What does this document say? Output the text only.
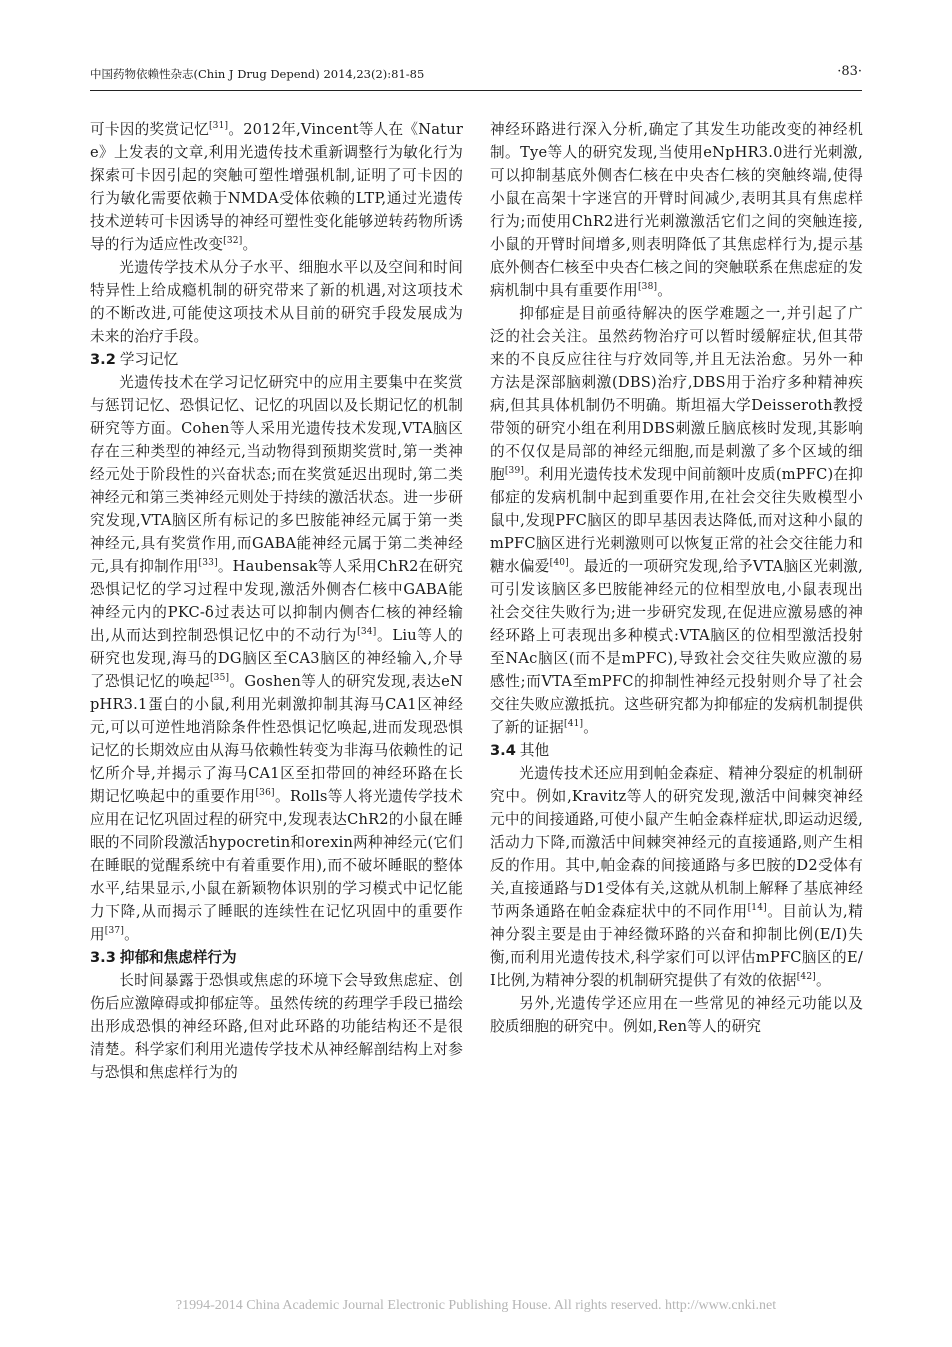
中国药物依赖性杂志(Chin J Drug Depend) 2014,23(2):81-85	·83·

可卡因的奖赏记忆[31]。2012年,Vincent等人在《Nature》上发表的文章,利用光遗传技术重新调整行为敏化行为探索可卡因引起的突触可塑性增强机制,证明了可卡因的行为敏化需要依赖于NMDA受体依赖的LTP,通过光遗传技术逆转可卡因诱导的神经可塑性变化能够逆转药物所诱导的行为适应性改变[32]。

光遗传学技术从分子水平、细胞水平以及空间和时间特异性上给成瘾机制的研究带来了新的机遇,对这项技术的不断改进,可能使这项技术从目前的研究手段发展成为未来的治疗手段。

3.2 学习记忆

光遗传技术在学习记忆研究中的应用主要集中在奖赏与惩罚记忆、恐惧记忆、记忆的巩固以及长期记忆的机制研究等方面。Cohen等人采用光遗传技术发现,VTA脑区存在三种类型的神经元,当动物得到预期奖赏时,第一类神经元处于阶段性的兴奋状态;而在奖赏延迟出现时,第二类神经元和第三类神经元则处于持续的激活状态。进一步研究发现,VTA脑区所有标记的多巴胺能神经元属于第一类神经元,具有奖赏作用,而GABA能神经元属于第二类神经元,具有抑制作用[33]。Haubensak等人采用ChR2在研究恐惧记忆的学习过程中发现,激活外侧杏仁核中GABA能神经元内的PKC-δ过表达可以抑制内侧杏仁核的神经输出,从而达到控制恐惧记忆中的不动行为[34]。Liu等人的研究也发现,海马的DG脑区至CA3脑区的神经输入,介导了恐惧记忆的唤起[35]。Goshen等人的研究发现,表达eNpHR3.1蛋白的小鼠,利用光刺激抑制其海马CA1区神经元,可以可逆性地消除条件性恐惧记忆唤起,进而发现恐惧记忆的长期效应由从海马依赖性转变为非海马依赖性的记忆所介导,并揭示了海马CA1区至扣带回的神经环路在长期记忆唤起中的重要作用[36]。Rolls等人将光遗传学技术应用在记忆巩固过程的研究中,发现表达ChR2的小鼠在睡眠的不同阶段激活hypocretin和orexin两种神经元(它们在睡眠的觉醒系统中有着重要作用),而不破坏睡眠的整体水平,结果显示,小鼠在新颖物体识别的学习模式中记忆能力下降,从而揭示了睡眠的连续性在记忆巩固中的重要作用[37]。

3.3 抑郁和焦虑样行为

长时间暴露于恐惧或焦虑的环境下会导致焦虑症、创伤后应激障碍或抑郁症等。虽然传统的药理学手段已描绘出形成恐惧的神经环路,但对此环路的功能结构还不是很清楚。科学家们利用光遗传学技术从神经解剖结构上对参与恐惧和焦虑样行为的

神经环路进行深入分析,确定了其发生功能改变的神经机制。Tye等人的研究发现,当使用eNpHR3.0进行光刺激,可以抑制基底外侧杏仁核在中央杏仁核的突触终端,使得小鼠在高架十字迷宫的开臂时间减少,表明其具有焦虑样行为;而使用ChR2进行光刺激激活它们之间的突触连接,小鼠的开臂时间增多,则表明降低了其焦虑样行为,提示基底外侧杏仁核至中央杏仁核之间的突触联系在焦虑症的发病机制中具有重要作用[38]。

抑郁症是目前亟待解决的医学难题之一,并引起了广泛的社会关注。虽然药物治疗可以暂时缓解症状,但其带来的不良反应往往与疗效同等,并且无法治愈。另外一种方法是深部脑刺激(DBS)治疗,DBS用于治疗多种精神疾病,但其具体机制仍不明确。斯坦福大学Deisseroth教授带领的研究小组在利用DBS刺激丘脑底核时发现,其影响的不仅仅是局部的神经元细胞,而是刺激了多个区域的细胞[39]。利用光遗传技术发现中间前额叶皮质(mPFC)在抑郁症的发病机制中起到重要作用,在社会交往失败模型小鼠中,发现PFC脑区的即早基因表达降低,而对这种小鼠的mPFC脑区进行光刺激则可以恢复正常的社会交往能力和糖水偏爱[40]。最近的一项研究发现,给予VTA脑区光刺激,可引发该脑区多巴胺能神经元的位相型放电,小鼠表现出社会交往失败行为;进一步研究发现,在促进应激易感的神经环路上可表现出多种模式:VTA脑区的位相型激活投射至NAc脑区(而不是mPFC),导致社会交往失败应激的易感性;而VTA至mPFC的抑制性神经元投射则介导了社会交往失败应激抵抗。这些研究都为抑郁症的发病机制提供了新的证据[41]。

3.4 其他

光遗传技术还应用到帕金森症、精神分裂症的机制研究中。例如,Kravitz等人的研究发现,激活中间棘突神经元中的间接通路,可使小鼠产生帕金森样症状,即运动迟缓,活动力下降,而激活中间棘突神经元的直接通路,则产生相反的作用。其中,帕金森的间接通路与多巴胺的D2受体有关,直接通路与D1受体有关,这就从机制上解释了基底神经节两条通路在帕金森症状中的不同作用[14]。目前认为,精神分裂主要是由于神经微环路的兴奋和抑制比例(E/I)失衡,而利用光遗传技术,科学家们可以评估mPFC脑区的E/I比例,为精神分裂的机制研究提供了有效的依据[42]。

另外,光遗传学还应用在一些常见的神经元功能以及胶质细胞的研究中。例如,Ren等人的研究

?1994-2014 China Academic Journal Electronic Publishing House. All rights reserved. http://www.cnki.net
